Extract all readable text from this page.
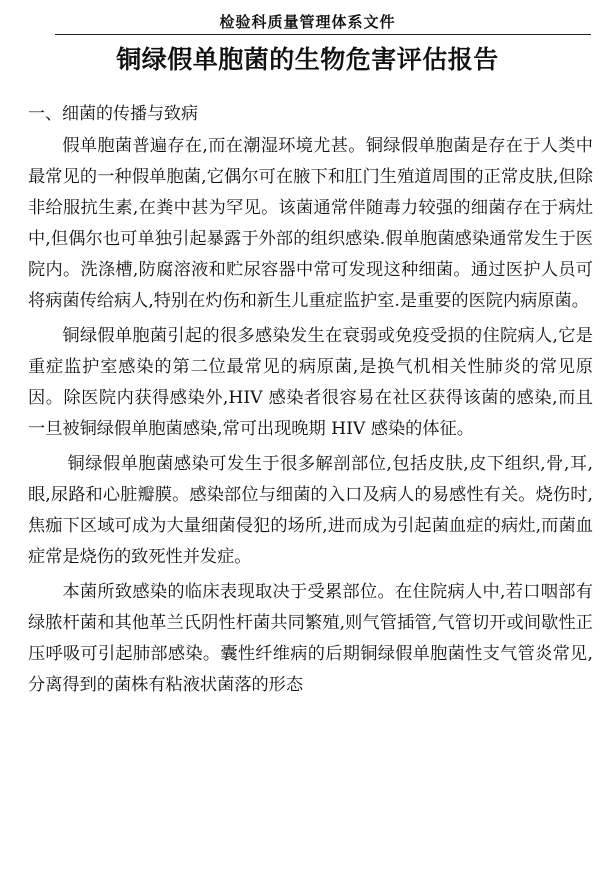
检验科质量管理体系文件
铜绿假单胞菌的生物危害评估报告
一、细菌的传播与致病

假单胞菌普遍存在,而在潮湿环境尤甚。铜绿假单胞菌是存在于人类中最常见的一种假单胞菌,它偶尔可在腋下和肛门生殖道周围的正常皮肤,但除非给服抗生素,在粪中甚为罕见。该菌通常伴随毒力较强的细菌存在于病灶中,但偶尔也可单独引起暴露于外部的组织感染.假单胞菌感染通常发生于医院内。洗涤槽,防腐溶液和贮尿容器中常可发现这种细菌。通过医护人员可将病菌传给病人,特别在灼伤和新生儿重症监护室.是重要的医院内病原菌。

铜绿假单胞菌引起的很多感染发生在衰弱或免疫受损的住院病人,它是重症监护室感染的第二位最常见的病原菌,是换气机相关性肺炎的常见原因。除医院内获得感染外,HIV 感染者很容易在社区获得该菌的感染,而且一旦被铜绿假单胞菌感染,常可出现晚期 HIV 感染的体征。

铜绿假单胞菌感染可发生于很多解剖部位,包括皮肤,皮下组织,骨,耳,眼,尿路和心脏瓣膜。感染部位与细菌的入口及病人的易感性有关。烧伤时,焦痂下区域可成为大量细菌侵犯的场所,进而成为引起菌血症的病灶,而菌血症常是烧伤的致死性并发症。

本菌所致感染的临床表现取决于受累部位。在住院病人中,若口咽部有绿脓杆菌和其他革兰氏阴性杆菌共同繁殖,则气管插管,气管切开或间歇性正压呼吸可引起肺部感染。囊性纤维病的后期铜绿假单胞菌性支气管炎常见,分离得到的菌株有粘液状菌落的形态
